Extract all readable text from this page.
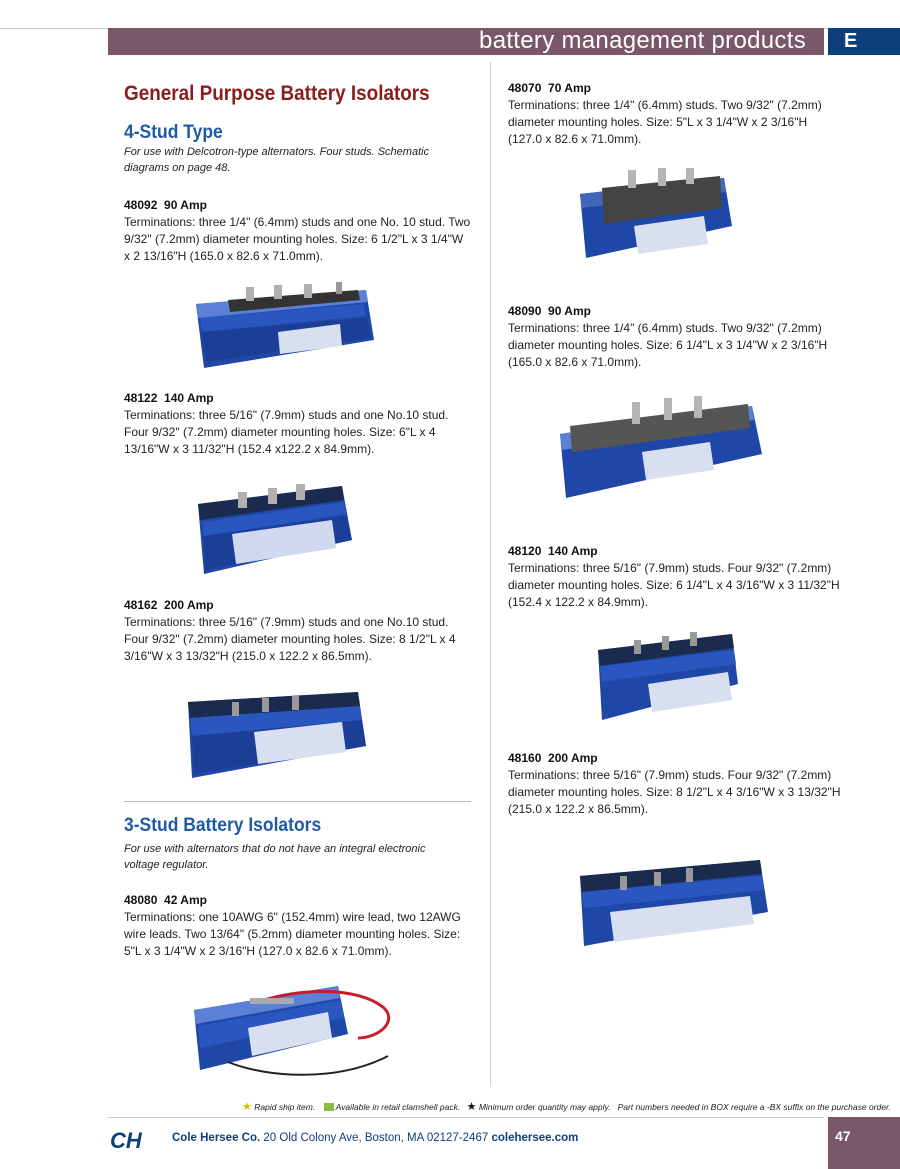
battery management products E
General Purpose Battery Isolators
4-Stud Type
For use with Delcotron-type alternators. Four studs. Schematic
diagrams on page 48.
48092 90 Amp
Terminations: three 1/4" (6.4mm) studs and one No. 10 stud. Two
9/32" (7.2mm) diameter mounting holes. Size: 6 1/2"L x 3 1/4"W
x 2 13/16"H (165.0 x 82.6 x 71.0mm).
48122 140 Amp
Terminations: three 5/16" (7.9mm) studs and one No.10 stud.
Four 9/32" (7.2mm) diameter mounting holes. Size: 6"L x 4
13/16"W x 3 11/32"H (152.4 x122.2 x 84.9mm).
48162 200 Amp
Terminations: three 5/16" (7.9mm) studs and one No.10 stud.
Four 9/32" (7.2mm) diameter mounting holes. Size: 8 1/2"L x 4
3/16"W x 3 13/32"H (215.0 x 122.2 x 86.5mm).
3-Stud Battery Isolators
For use with alternators that do not have an integral electronic
voltage regulator.
48080 42 Amp
Terminations: one 10AWG 6" (152.4mm) wire lead, two 12AWG
wire leads. Two 13/64" (5.2mm) diameter mounting holes. Size:
5"L x 3 1/4"W x 2 3/16"H (127.0 x 82.6 x 71.0mm).
48070 70 Amp
Terminations: three 1/4" (6.4mm) studs. Two 9/32" (7.2mm)
diameter mounting holes. Size: 5"L x 3 1/4"W x 2 3/16"H
(127.0 x 82.6 x 71.0mm).
48090 90 Amp
Terminations: three 1/4" (6.4mm) studs. Two 9/32" (7.2mm)
diameter mounting holes. Size: 6 1/4"L x 3 1/4"W x 2 3/16"H
(165.0 x 82.6 x 71.0mm).
48120 140 Amp
Terminations: three 5/16" (7.9mm) studs. Four 9/32" (7.2mm)
diameter mounting holes. Size: 6 1/4"L x 4 3/16"W x 3 11/32"H
(152.4 x 122.2 x 84.9mm).
48160 200 Amp
Terminations: three 5/16" (7.9mm) studs. Four 9/32" (7.2mm)
diameter mounting holes. Size: 8 1/2"L x 4 3/16"W x 3 13/32"H
(215.0 x 122.2 x 86.5mm).
★ Rapid ship item. Available in retail clamshell pack. ★ Minimum order quantity may apply. Part numbers needed in BOX require a -BX suffix on the purchase order.
CH	Cole Hersee Co. 20 Old Colony Ave, Boston, MA 02127-2467 colehersee.com	47
